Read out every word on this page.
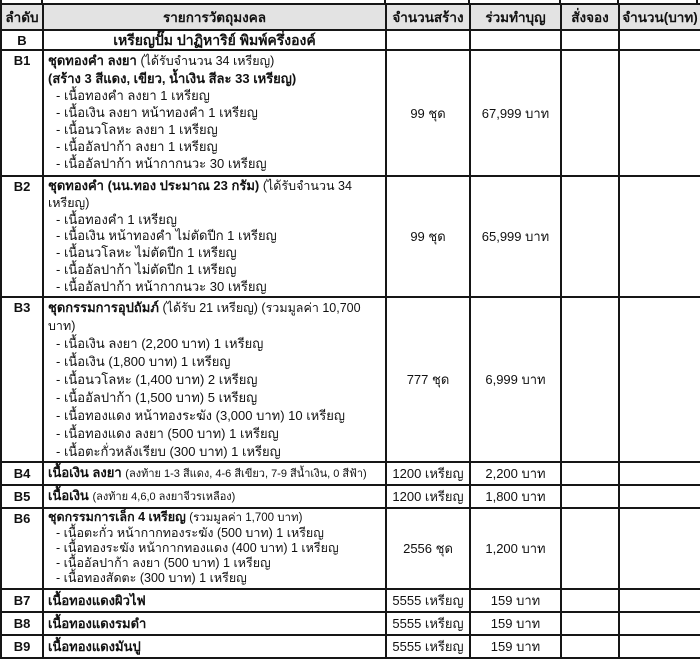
ลำดับ	รายการวัตถุมงคล	จำนวนสร้าง	ร่วมทำบุญ	สั่งจอง	จำนวน(บาท)
B	เหรียญปั๊ม ปาฏิหาริย์ พิมพ์ครึ่งองค์				
B1	ชุดทองคำ ลงยา (ได้รับจำนวน 34 เหรียญ)
(สร้าง 3 สีแดง, เขียว, น้ำเงิน สีละ 33 เหรียญ)
- เนื้อทองคำ ลงยา 1 เหรียญ
- เนื้อเงิน ลงยา หน้าทองคำ 1 เหรียญ
- เนื้อนวโลหะ ลงยา 1 เหรียญ
- เนื้ออัลปาก้า ลงยา 1 เหรียญ
- เนื้ออัลปาก้า หน้ากากนวะ 30 เหรียญ
	99 ชุด	67,999 บาท		
B2	ชุดทองคำ (นน.ทอง ประมาณ 23 กรัม) (ได้รับจำนวน 34 เหรียญ)
- เนื้อทองคำ 1 เหรียญ
- เนื้อเงิน หน้าทองคำ ไม่ตัดปีก 1 เหรียญ
- เนื้อนวโลหะ ไม่ตัดปีก 1 เหรียญ
- เนื้ออัลปาก้า ไม่ตัดปีก 1 เหรียญ
- เนื้ออัลปาก้า หน้ากากนวะ 30 เหรียญ
	99 ชุด	65,999 บาท		
B3	ชุดกรรมการอุปถัมภ์ (ได้รับ 21 เหรียญ) (รวมมูลค่า 10,700 บาท)
- เนื้อเงิน ลงยา (2,200 บาท) 1 เหรียญ
- เนื้อเงิน (1,800 บาท) 1 เหรียญ
- เนื้อนวโลหะ (1,400 บาท) 2 เหรียญ
- เนื้ออัลปาก้า (1,500 บาท) 5 เหรียญ
- เนื้อทองแดง หน้าทองระฆัง (3,000 บาท) 10 เหรียญ
- เนื้อทองแดง ลงยา (500 บาท) 1 เหรียญ
- เนื้อตะกั่วหลังเรียบ (300 บาท) 1 เหรียญ
	777 ชุด	6,999 บาท		
B4	เนื้อเงิน ลงยา (ลงท้าย 1-3 สีแดง, 4-6 สีเขียว, 7-9 สีน้ำเงิน, 0 สีฟ้า)	1200 เหรียญ	2,200 บาท		
B5	เนื้อเงิน (ลงท้าย 4,6,0 ลงยาจีวรเหลือง)	1200 เหรียญ	1,800 บาท		
B6	ชุดกรรมการเล็ก 4 เหรียญ (รวมมูลค่า 1,700 บาท)
- เนื้อตะกั่ว หน้ากากทองระฆัง (500 บาท) 1 เหรียญ
- เนื้อทองระฆัง หน้ากากทองแดง (400 บาท) 1 เหรียญ
- เนื้ออัลปาก้า ลงยา (500 บาท) 1 เหรียญ
- เนื้อทองสัดตะ (300 บาท) 1 เหรียญ	2556 ชุด	1,200 บาท		
B7	เนื้อทองแดงผิวไฟ	5555 เหรียญ	159 บาท		
B8	เนื้อทองแดงรมดำ	5555 เหรียญ	159 บาท		
B9	เนื้อทองแดงมันปู	5555 เหรียญ	159 บาท		
